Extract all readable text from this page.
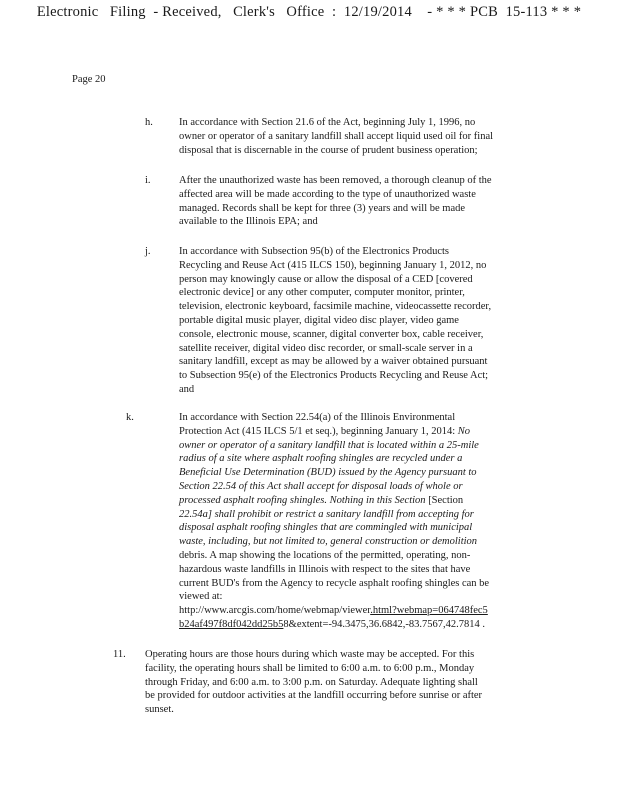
Electronic   Filing  - Received,   Clerk's   Office  :  12/19/2014    - * * * PCB  15-113 * * *
Page 20
h. In accordance with Section 21.6 of the Act, beginning July 1, 1996, no
owner or operator of a sanitary landfill shall accept liquid used oil for final
disposal that is discernable in the course of prudent business operation;
i.	After the unauthorized waste has been removed, a thorough cleanup of the
affected area will be made according to the type of unauthorized waste
managed. Records shall be kept for three (3) years and will be made
available to the Illinois EPA; and
j.	In accordance with Subsection 95(b) of the Electronics Products
Recycling and Reuse Act (415 ILCS 150), beginning January 1, 2012, no
person may knowingly cause or allow the disposal of a CED [covered
electronic device] or any other computer, computer monitor, printer,
television, electronic keyboard, facsimile machine, videocassette recorder,
portable digital music player, digital video disc player, video game
console, electronic mouse, scanner, digital converter box, cable receiver,
satellite receiver, digital video disc recorder, or small-scale server in a
sanitary landfill, except as may be allowed by a waiver obtained pursuant
to Subsection 95(e) of the Electronics Products Recycling and Reuse Act;
and
k.	In accordance with Section 22.54(a) of the Illinois Environmental
Protection Act (415 ILCS 5/1 et seq.), beginning January 1, 2014: No
owner or operator of a sanitary landfill that is located within a 25-mile
radius of a site where asphalt roofing shingles are recycled under a
Beneficial Use Determination (BUD) issued by the Agency pursuant to
Section 22.54 of this Act shall accept for disposal loads of whole or
processed asphalt roofing shingles. Nothing in this Section [Section
22.54a] shall prohibit or restrict a sanitary landfill from accepting for
disposal asphalt roofing shingles that are commingled with municipal
waste, including, but not limited to, general construction or demolition
debris. A map showing the locations of the permitted, operating, non-
hazardous waste landfills in Illinois with respect to the sites that have
current BUD's from the Agency to recycle asphalt roofing shingles can be
viewed at:
http://www.arcgis.com/home/webmap/viewer.html?webmap=064748fec5
b24af497f8df042dd25b58&extent=-94.3475,36.6842,-83.7567,42.7814 .
11. Operating hours are those hours during which waste may be accepted. For this
facility, the operating hours shall be limited to 6:00 a.m. to 6:00 p.m., Monday
through Friday, and 6:00 a.m. to 3:00 p.m. on Saturday. Adequate lighting shall
be provided for outdoor activities at the landfill occurring before sunrise or after
sunset.
